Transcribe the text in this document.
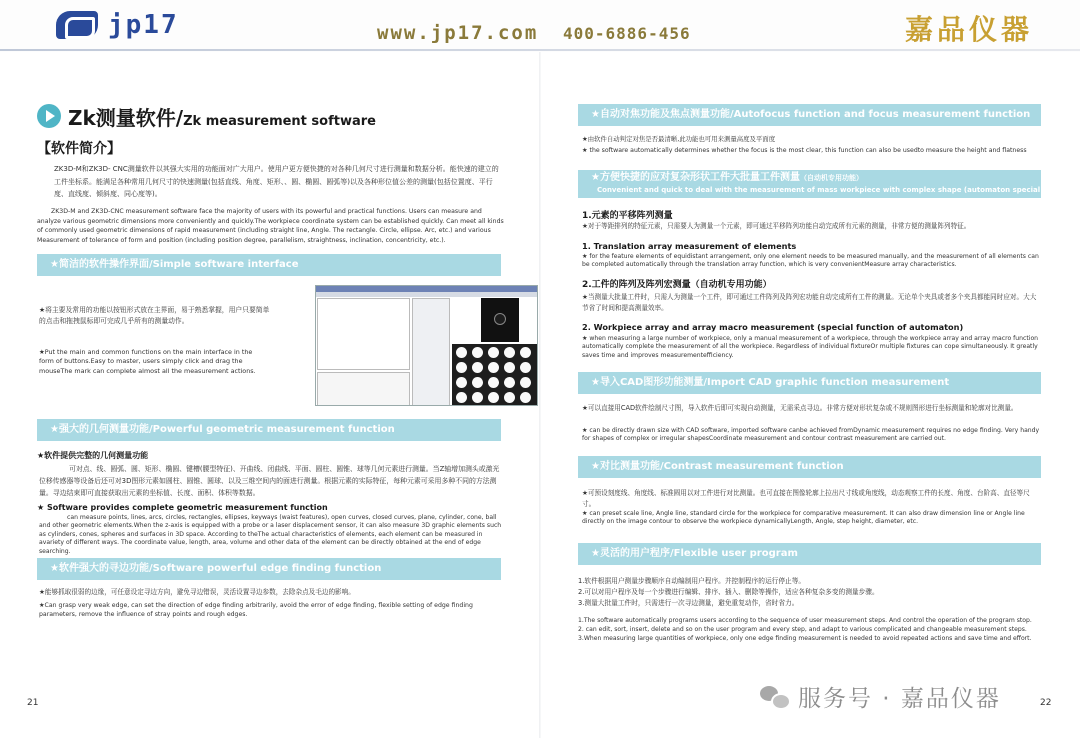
jp17	www.jp17.com 400-6886-456	嘉品仪器
Zk测量软件/Zk measurement software
【软件简介】
ZK3D-M和ZK3D- CNC测量软件以其强大实用的功能面对广大用户。使用户更方便快捷的对各种几何尺寸进行测量和数据分析。能快速的建立的工件坐标系。能满足各种常用几何尺寸的快速测量(包括直线、角度、矩形、、圆、椭圆、圆弧等)以及各种形位值公差的测量(包括位置度、平行度、直线度、倾斜度、同心度等)。
ZK3D-M and ZK3D-CNC measurement software face the majority of users with its powerful and practical functions. Users can measure and analyze various geometric dimensions more conveniently and quickly.The workpiece coordinate system can be established quickly. Can meet all kinds of commonly used geometric dimensions of rapid measurement (including straight line, Angle. The rectangle. Circle, ellipse. Arc, etc.) and various Measurement of tolerance of form and position (including position degree, parallelism, straightness, inclination, concentricity, etc.).
★简洁的软件操作界面/Simple software interface
★将主要及常用的功能以按钮形式放在主界面，易于熟悉掌握，用户只要简单的点击和拖拽鼠标即可完成几乎所有的测量动作。
★Put the main and common functions on the main interface in the form of buttons.Easy to master, users simply click and drag the mouseThe mark can complete almost all the measurement actions.
★强大的几何测量功能/Powerful geometric measurement function
★软件提供完整的几何测量功能
可对点、线、圆弧、圆、矩形、椭圆、键槽(腰型特征)、开曲线、闭曲线、平面、圆柱、圆锥、球等几何元素进行测量。当Z轴增加测头或激光位移传感器等设备后还可对3D图形元素如圆柱、圆锥、圆球、以及三维空间内的面进行测量。根据元素的实际特征，每种元素可采用多种不同的方法测量。寻边结束即可直接获取出元素的坐标值、长度、面积、体积等数据。
★ Software provides complete geometric measurement function
can measure points, lines, arcs, circles, rectangles, ellipses, keyways (waist features), open curves, closed curves, plane, cylinder, cone, ball and other geometric elements.When the z-axis is equipped with a probe or a laser displacement sensor, it can also measure 3D graphic elements such as cylinders, cones, spheres and surfaces in 3D space. According to theThe actual characteristics of elements, each element can be measured in avariety of different ways. The coordinate value, length, area, volume and other data of the element can be directly obtained at the end of edge searching.
★软件强大的寻边功能/Software powerful edge finding function
★能够抓取很弱的边缘，可任意设定寻边方向，避免寻边错误，灵活设置寻边参数，去除杂点及毛边的影响。
★Can grasp very weak edge, can set the direction of edge finding arbitrarily, avoid the error of edge finding, flexible setting of edge finding parameters, remove the influence of stray points and rough edges.
★自动对焦功能及焦点测量功能/Autofocus function and focus measurement function
★由软件自动判定对焦是否最清晰,此功能也可用来测量高度及平面度
★ the software automatically determines whether the focus is the most clear, this function can also be usedto measure the height and flatness
★方便快捷的应对复杂形状工件大批量工件测量（自动机专用功能）
Convenient and quick to deal with the measurement of mass workpiece with complex shape (automaton special function)
1.元素的平移阵列测量
★对于等距排列的特征元素，只需要人为测量一个元素，即可通过平移阵列功能自动完成所有元素的测量，非常方便的测量阵列特征。
1. Translation array measurement of elements
★ for the feature elements of equidistant arrangement, only one element needs to be measured manually, and the measurement of all elements can be completed automatically through the translation array function, which is very convenientMeasure array characteristics.
2.工件的阵列及阵列宏测量（自动机专用功能）
★当测量大批量工件时，只需人为测量一个工件，即可通过工件阵列及阵列宏功能自动完成所有工件的测量。无论单个夹具或者多个夹具都能同时应对。大大节省了时间和提高测量效率。
2. Workpiece array and array macro measurement (special function of automaton)
★ when measuring a large number of workpiece, only a manual measurement of a workpiece, through the workpiece array and array macro function automatically complete the measurement of all the workpiece. Regardless of individual fixtureOr multiple fixtures can cope simultaneously. It greatly saves time and improves measurementefficiency.
★导入CAD图形功能测量/Import CAD graphic function measurement
★可以直接用CAD软件绘制尺寸图，导入软件后即可实现自动测量，无需采点寻边。非常方便对形状复杂或不规则图形进行坐标测量和轮廓对比测量。
★ can be directly drawn size with CAD software, imported software canbe achieved fromDynamic measurement requires no edge finding. Very handy for shapes of complex or irregular shapesCoordinate measurement and contour contrast measurement are carried out.
★对比测量功能/Contrast measurement function
★可预设刻度线、角度线、标准圆用以对工件进行对比测量。也可直接在图像轮廓上拉出尺寸线或角度线，动态观察工件的长度、角度、台阶高、直径等尺寸。
★ can preset scale line, Angle line, standard circle for the workpiece for comparative measurement. It can also draw dimension line or Angle line directly on the image contour to observe the workpiece dynamicallyLength, Angle, step height, diameter, etc.
★灵活的用户程序/Flexible user program
1.软件根据用户测量步骤顺序自动编制用户程序。并控制程序的运行停止等。
2.可以对用户程序及每一个步骤进行编辑、排序、插入、删除等操作，适应各种复杂多变的测量步骤。
3.测量大批量工件时，只需进行一次寻边测量，避免重复动作，省时省力。
1.The software automatically programs users according to the sequence of user measurement steps. And control the operation of the program stop.
2. can edit, sort, insert, delete and so on the user program and every step, and adapt to various complicated and changeable measurement steps.
3.When measuring large quantities of workpiece, only one edge finding measurement is needed to avoid repeated actions and save time and effort.
21	22
服务号 · 嘉品仪器
